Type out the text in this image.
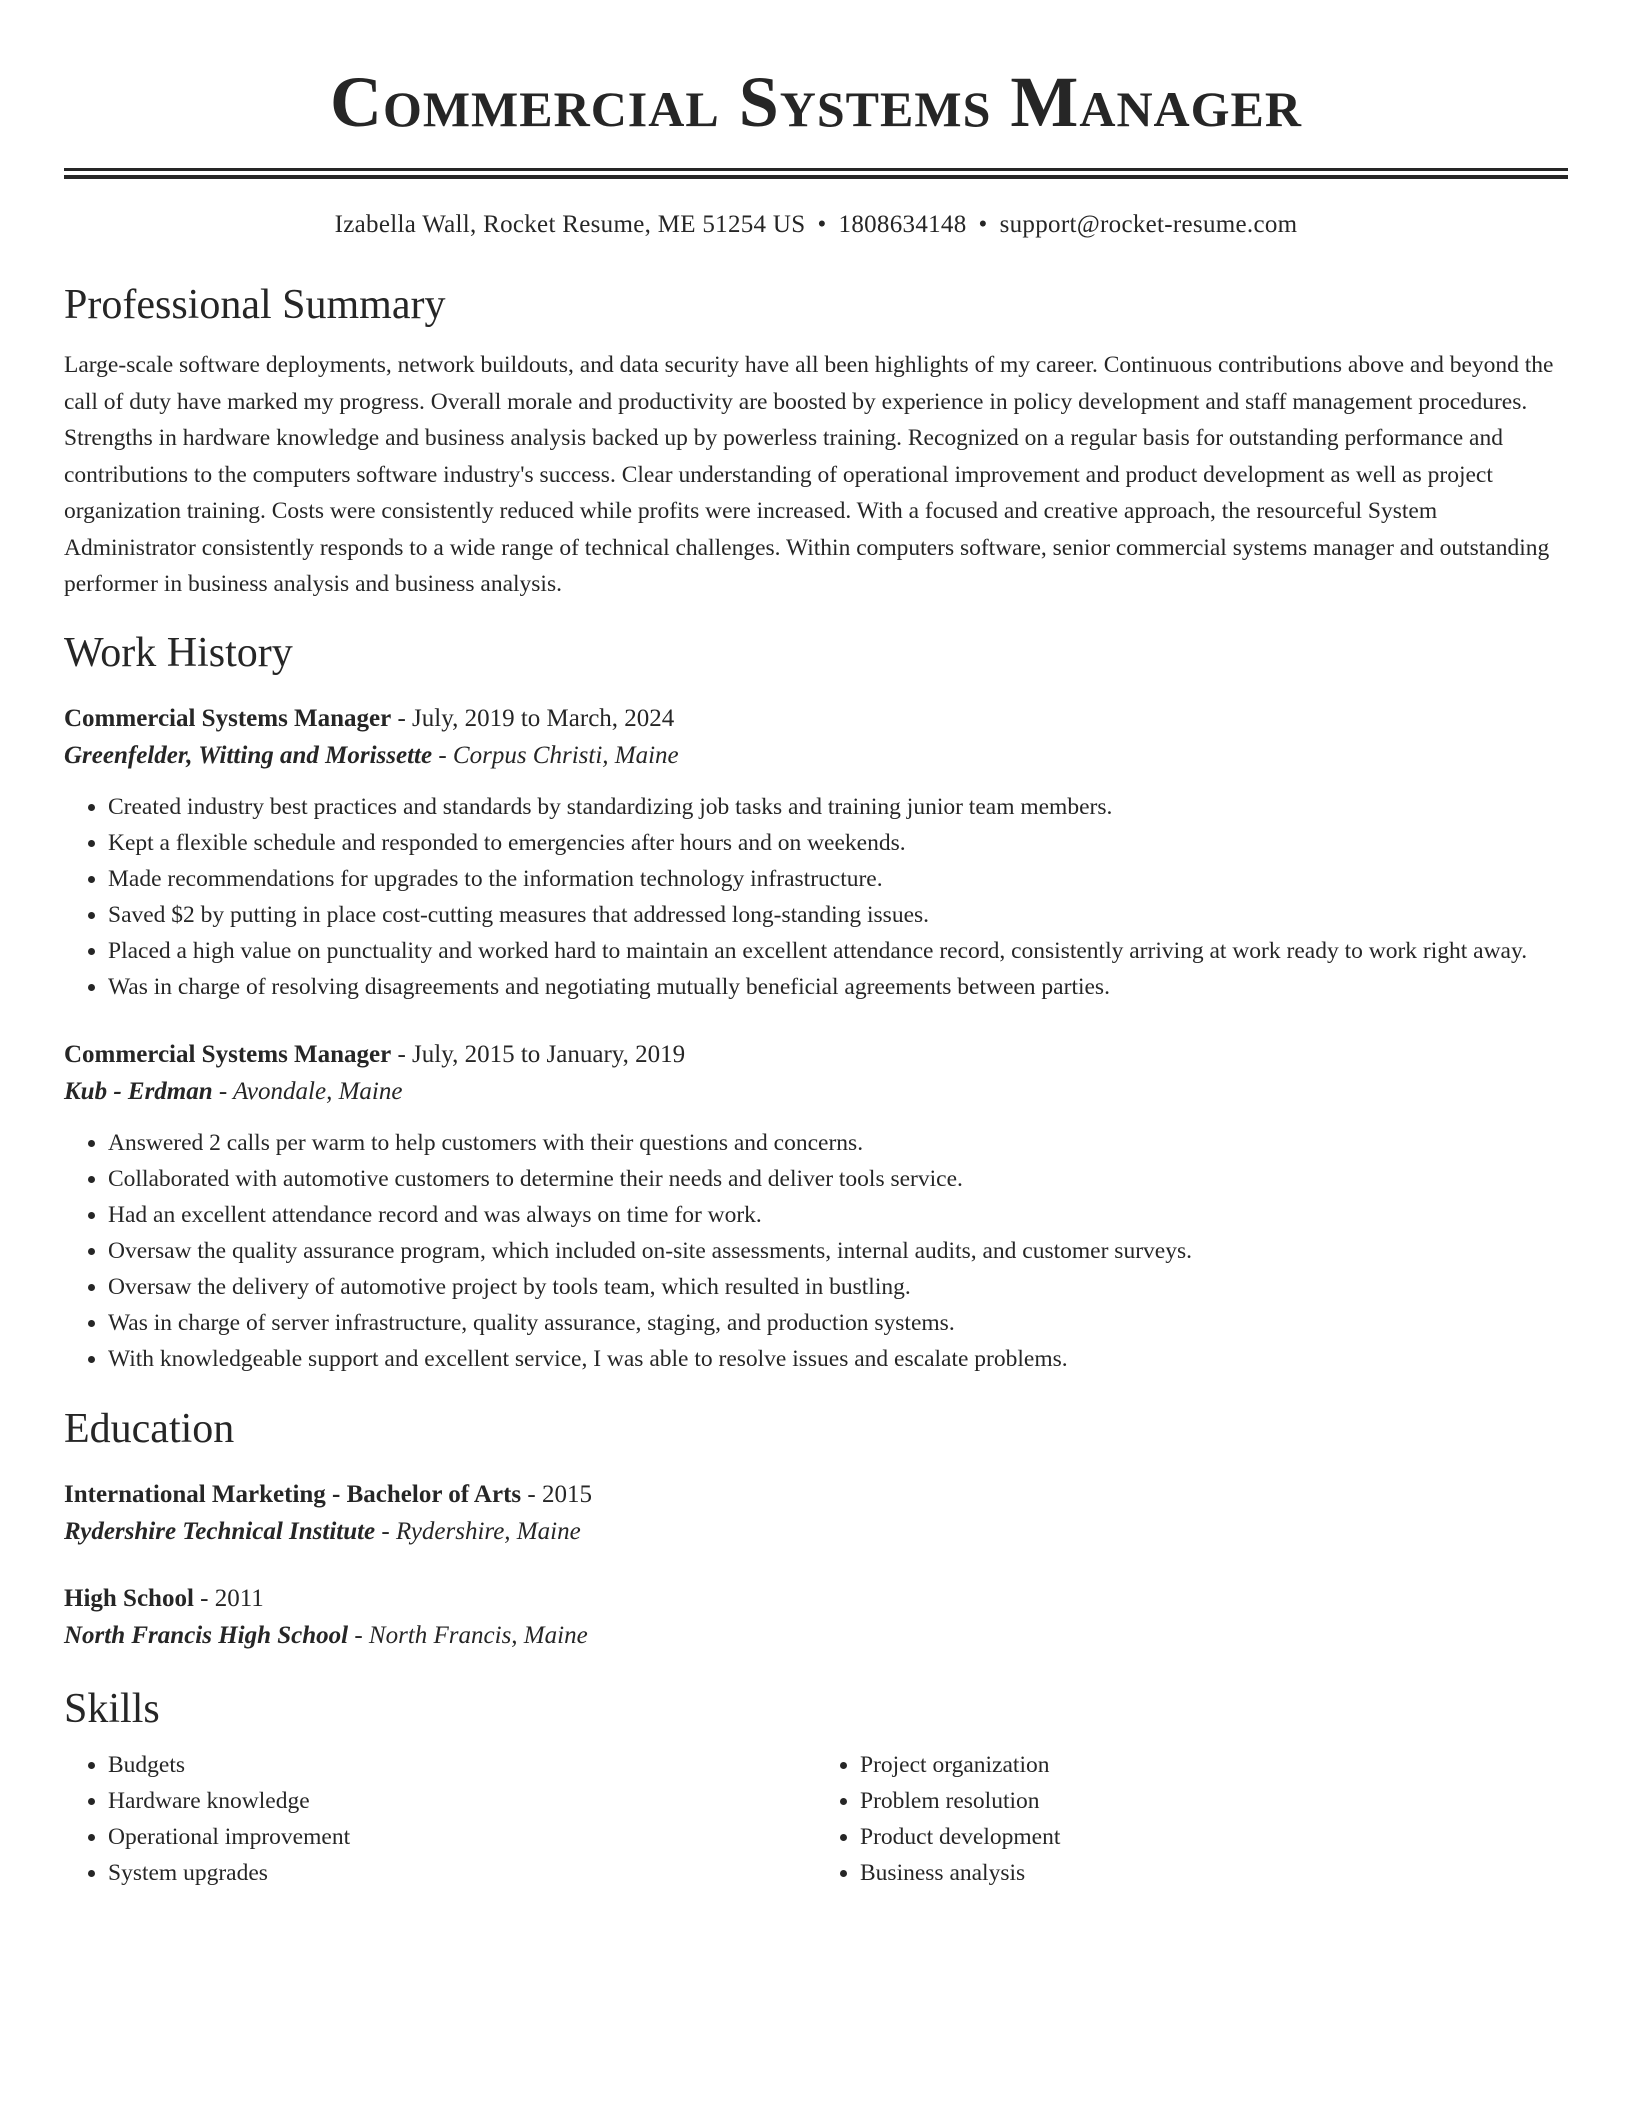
Commercial Systems Manager
Izabella Wall, Rocket Resume, ME 51254 US • 1808634148 • support@rocket-resume.com
Professional Summary

Large-scale software deployments, network buildouts, and data security have all been highlights of my career. Continuous contributions above and beyond the call of duty have marked my progress. Overall morale and productivity are boosted by experience in policy development and staff management procedures. Strengths in hardware knowledge and business analysis backed up by powerless training. Recognized on a regular basis for outstanding performance and contributions to the computers software industry's success. Clear understanding of operational improvement and product development as well as project organization training. Costs were consistently reduced while profits were increased. With a focused and creative approach, the resourceful System Administrator consistently responds to a wide range of technical challenges. Within computers software, senior commercial systems manager and outstanding performer in business analysis and business analysis.

Work History
Commercial Systems Manager - July, 2019 to March, 2024
Greenfelder, Witting and Morissette - Corpus Christi, Maine
• Created industry best practices and standards by standardizing job tasks and training junior team members.
• Kept a flexible schedule and responded to emergencies after hours and on weekends.
• Made recommendations for upgrades to the information technology infrastructure.
• Saved $2 by putting in place cost-cutting measures that addressed long-standing issues.
• Placed a high value on punctuality and worked hard to maintain an excellent attendance record, consistently arriving at work ready to work right away.
• Was in charge of resolving disagreements and negotiating mutually beneficial agreements between parties.
Commercial Systems Manager - July, 2015 to January, 2019
Kub - Erdman - Avondale, Maine
• Answered 2 calls per warm to help customers with their questions and concerns.
• Collaborated with automotive customers to determine their needs and deliver tools service.
• Had an excellent attendance record and was always on time for work.
• Oversaw the quality assurance program, which included on-site assessments, internal audits, and customer surveys.
• Oversaw the delivery of automotive project by tools team, which resulted in bustling.
• Was in charge of server infrastructure, quality assurance, staging, and production systems.
• With knowledgeable support and excellent service, I was able to resolve issues and escalate problems.
Education
International Marketing - Bachelor of Arts - 2015
Rydershire Technical Institute - Rydershire, Maine
High School - 2011
North Francis High School - North Francis, Maine
Skills
• Budgets
• Hardware knowledge
• Operational improvement
• System upgrades
• Project organization
• Problem resolution
• Product development
• Business analysis
